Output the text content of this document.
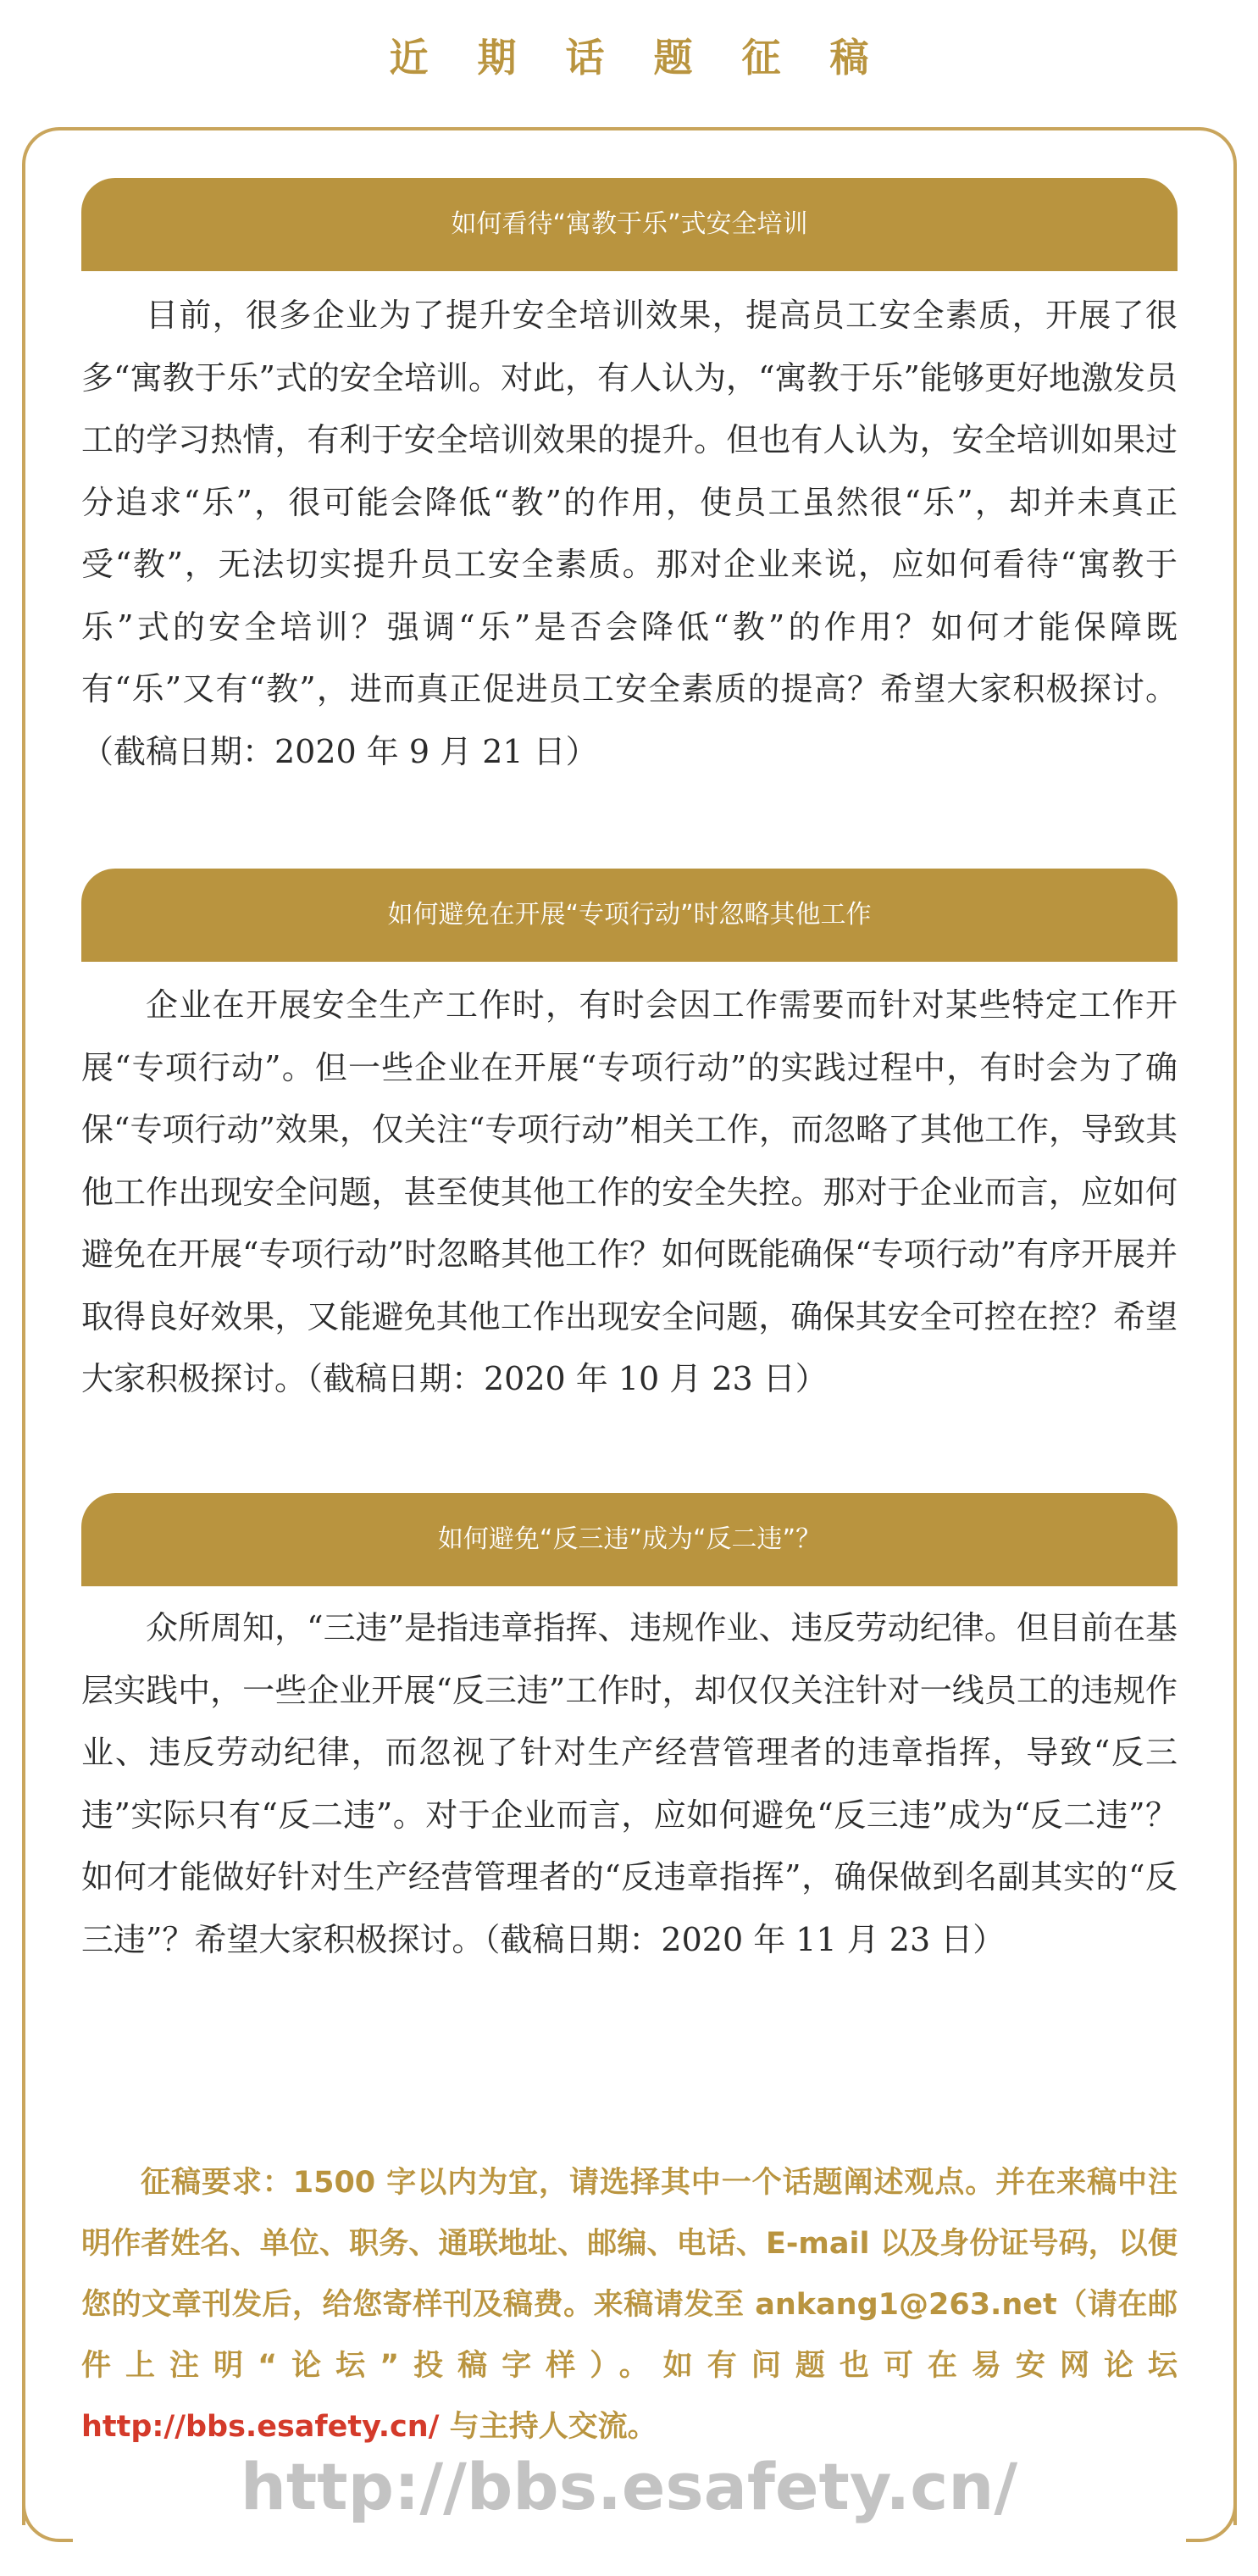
近期话题征稿
如何看待“寓教于乐”式安全培训

目前，很多企业为了提升安全培训效果，提高员工安全素质，开展了很多“寓教于乐”式的安全培训。对此，有人认为，“寓教于乐”能够更好地激发员工的学习热情，有利于安全培训效果的提升。但也有人认为，安全培训如果过分追求“乐”，很可能会降低“教”的作用，使员工虽然很“乐”，却并未真正受“教”，无法切实提升员工安全素质。那对企业来说，应如何看待“寓教于乐”式的安全培训？强调“乐”是否会降低“教”的作用？如何才能保障既有“乐”又有“教”，进而真正促进员工安全素质的提高？希望大家积极探讨。（截稿日期：2020 年 9 月 21 日）

如何避免在开展“专项行动”时忽略其他工作

企业在开展安全生产工作时，有时会因工作需要而针对某些特定工作开展“专项行动”。但一些企业在开展“专项行动”的实践过程中，有时会为了确保“专项行动”效果，仅关注“专项行动”相关工作，而忽略了其他工作，导致其他工作出现安全问题，甚至使其他工作的安全失控。那对于企业而言，应如何避免在开展“专项行动”时忽略其他工作？如何既能确保“专项行动”有序开展并取得良好效果，又能避免其他工作出现安全问题，确保其安全可控在控？希望大家积极探讨。（截稿日期：2020 年 10 月 23 日）

如何避免“反三违”成为“反二违”？

众所周知，“三违”是指违章指挥、违规作业、违反劳动纪律。但目前在基层实践中，一些企业开展“反三违”工作时，却仅仅关注针对一线员工的违规作业、违反劳动纪律，而忽视了针对生产经营管理者的违章指挥，导致“反三违”实际只有“反二违”。对于企业而言，应如何避免“反三违”成为“反二违”？如何才能做好针对生产经营管理者的“反违章指挥”，确保做到名副其实的“反三违”？希望大家积极探讨。（截稿日期：2020 年 11 月 23 日）

征稿要求：1500 字以内为宜，请选择其中一个话题阐述观点。并在来稿中注明作者姓名、单位、职务、通联地址、邮编、电话、E-mail 以及身份证号码，以便您的文章刊发后，给您寄样刊及稿费。来稿请发至 ankang1@263.net（请在邮件上注明“论坛”投稿字样）。如有问题也可在易安网论坛 http://bbs.esafety.cn/ 与主持人交流。

http://bbs.esafety.cn/
